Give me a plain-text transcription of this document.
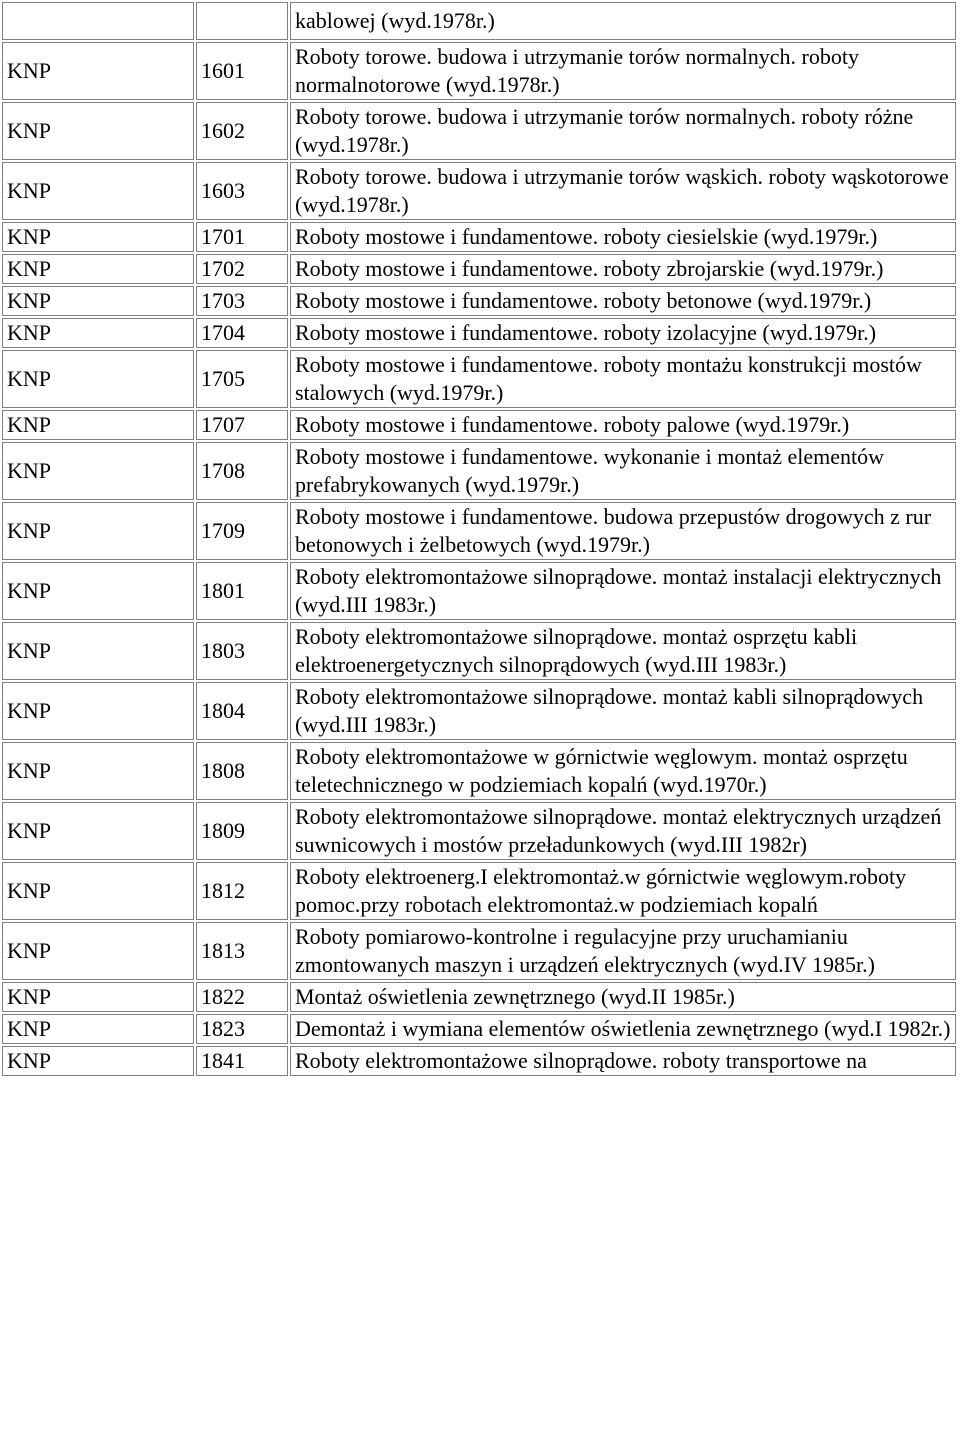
		kablowej (wyd.1978r.)
KNP	1601	Roboty torowe. budowa i utrzymanie torów normalnych. roboty normalnotorowe (wyd.1978r.)
KNP	1602	Roboty torowe. budowa i utrzymanie torów normalnych. roboty różne (wyd.1978r.)
KNP	1603	Roboty torowe. budowa i utrzymanie torów wąskich. roboty wąskotorowe (wyd.1978r.)
KNP	1701	Roboty mostowe i fundamentowe. roboty ciesielskie (wyd.1979r.)
KNP	1702	Roboty mostowe i fundamentowe. roboty zbrojarskie (wyd.1979r.)
KNP	1703	Roboty mostowe i fundamentowe. roboty betonowe (wyd.1979r.)
KNP	1704	Roboty mostowe i fundamentowe. roboty izolacyjne (wyd.1979r.)
KNP	1705	Roboty mostowe i fundamentowe. roboty montażu konstrukcji mostów stalowych (wyd.1979r.)
KNP	1707	Roboty mostowe i fundamentowe. roboty palowe (wyd.1979r.)
KNP	1708	Roboty mostowe i fundamentowe. wykonanie i montaż elementów prefabrykowanych (wyd.1979r.)
KNP	1709	Roboty mostowe i fundamentowe. budowa przepustów drogowych z rur betonowych i żelbetowych (wyd.1979r.)
KNP	1801	Roboty elektromontażowe silnoprądowe. montaż instalacji elektrycznych (wyd.III 1983r.)
KNP	1803	Roboty elektromontażowe silnoprądowe. montaż osprzętu kabli elektroenergetycznych silnoprądowych (wyd.III 1983r.)
KNP	1804	Roboty elektromontażowe silnoprądowe. montaż kabli silnoprądowych (wyd.III 1983r.)
KNP	1808	Roboty elektromontażowe w górnictwie węglowym. montaż osprzętu teletechnicznego w podziemiach kopalń (wyd.1970r.)
KNP	1809	Roboty elektromontażowe silnoprądowe. montaż elektrycznych urządzeń suwnicowych i mostów przeładunkowych (wyd.III 1982r)
KNP	1812	Roboty elektroenerg.I elektromontaż.w górnictwie węglowym.roboty pomoc.przy robotach elektromontaż.w podziemiach kopalń
KNP	1813	Roboty pomiarowo-kontrolne i regulacyjne przy uruchamianiu zmontowanych maszyn i urządzeń elektrycznych (wyd.IV 1985r.)
KNP	1822	Montaż oświetlenia zewnętrznego (wyd.II 1985r.)
KNP	1823	Demontaż i wymiana elementów oświetlenia zewnętrznego (wyd.I 1982r.)
KNP	1841	Roboty elektromontażowe silnoprądowe. roboty transportowe na
